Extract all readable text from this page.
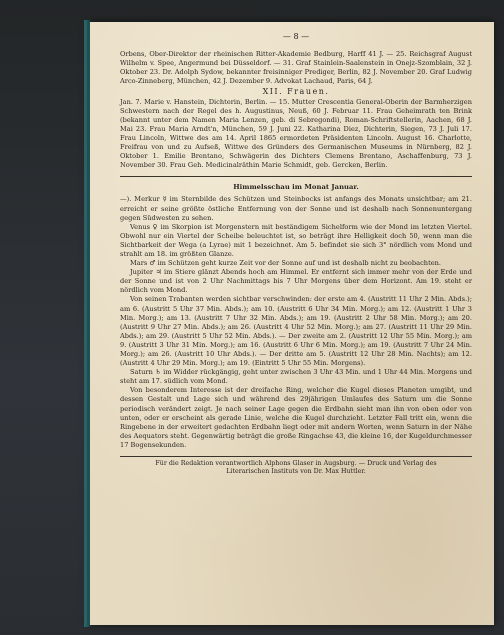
— 8 —

Orbens, Ober-Direktor der rheinischen Ritter-Akademie Bedburg, Harff 41 J. — 25. Reichsgraf August Wilhelm v. Spee, Angermund bei Düsseldorf. — 31. Graf Stainlein-Saalenstein in Onejz-Szomblain, 32 J. Oktober 23. Dr. Adolph Sydow, bekannter freisinniger Prediger, Berlin, 82 J. November 20. Graf Ludwig Arco-Zinneberg, München, 42 J. Dezember 9. Advokat Lachaud, Paris, 64 J.

XII. Frauen.

Jan. 7. Marie v. Hanstein, Dichterin, Berlin. — 15. Mutter Crescentia General-Oberin der Barmherzigen Schwestern nach der Regel des h. Augustinus, Neuß, 60 J. Februar 11. Frau Geheimrath ten Brink (bekannt unter dem Namen Maria Lenzen, geb. di Sebregondi), Roman-Schriftstellerin, Aachen, 68 J. Mai 23. Frau Maria Arndt'n, München, 59 J. Juni 22. Katharina Diez, Dichterin, Siegen, 73 J. Juli 17. Frau Lincoln, Wittwe des am 14. April 1865 ermordeten Präsidenten Lincoln. August 16. Charlotte, Freifrau von und zu Aufseß, Wittwe des Gründers des Germanischen Museums in Nürnberg, 82 J. Oktober 1. Emilie Brentano, Schwägerin des Dichters Clemens Brentano, Aschaffenburg, 73 J. November 30. Frau Geh. Medicinalräthin Marie Schmidt, geb. Gercken, Berlin.

Himmelsschau im Monat Januar.

—). Merkur ☿ im Sternbilde des Schützen und Steinbocks ist anfangs des Monats unsichtbar; am 21. erreicht er seine größte östliche Entfernung von der Sonne und ist deshalb nach Sonnenuntergang gegen Südwesten zu sehen.

Venus ♀ im Skorpion ist Morgenstern mit beständigem Sichelform wie der Mond im letzten Viertel. Obwohl nur ein Viertel der Scheibe beleuchtet ist, so beträgt ihre Helligkeit doch 50, wenn man die Sichtbarkeit der Wega (a Lyrae) mit 1 bezeichnet. Am 5. befindet sie sich 3° nördlich vom Mond und strahlt am 18. im größten Glanze.

Mars ♂ im Schützen geht kurze Zeit vor der Sonne auf und ist deshalb nicht zu beobachten.

Jupiter ♃ im Stiere glänzt Abends hoch am Himmel. Er entfernt sich immer mehr von der Erde und der Sonne und ist von 2 Uhr Nachmittags bis 7 Uhr Morgens über dem Horizont. Am 19. steht er nördlich vom Mond.

Von seinen Trabanten werden sichtbar verschwinden: der erste am 4. (Austritt 11 Uhr 2 Min. Abds.); am 6. (Austritt 5 Uhr 37 Min. Abds.); am 10. (Austritt 6 Uhr 34 Min. Morg.); am 12. (Austritt 1 Uhr 3 Min. Morg.); am 13. (Austritt 7 Uhr 32 Min. Abds.); am 19. (Austritt 2 Uhr 58 Min. Morg.); am 20. (Austritt 9 Uhr 27 Min. Abds.); am 26. (Austritt 4 Uhr 52 Min. Morg.); am 27. (Austritt 11 Uhr 29 Min. Abds.); am 29. (Austritt 5 Uhr 52 Min. Abds.). — Der zweite am 2. (Austritt 12 Uhr 55 Min. Morg.); am 9. (Austritt 3 Uhr 31 Min. Morg.); am 16. (Austritt 6 Uhr 6 Min. Morg.); am 19. (Austritt 7 Uhr 24 Min. Morg.); am 26. (Austritt 10 Uhr Abds.). — Der dritte am 5. (Austritt 12 Uhr 28 Min. Nachts); am 12. (Austritt 4 Uhr 29 Min. Morg.); am 19. (Eintritt 5 Uhr 55 Min. Morgens).

Saturn ♄ im Widder rückgängig, geht unter zwischen 3 Uhr 43 Min. und 1 Uhr 44 Min. Morgens und steht am 17. südlich vom Mond.

Von besonderem Interesse ist der dreifache Ring, welcher die Kugel dieses Planeten umgibt, und dessen Gestalt und Lage sich und während des 29jährigen Umlaufes des Saturn um die Sonne periodisch verändert zeigt. Je nach seiner Lage gegen die Erdbahn sieht man ihn von oben oder von unten, oder er erscheint als gerade Linie, welche die Kugel durchzieht. Letzter Fall tritt ein, wenn die Ringebene in der erweitert gedachten Erdbahn liegt oder mit andern Worten, wenn Saturn in der Nähe des Aequators steht. Gegenwärtig beträgt die große Ringachse 43, die kleine 16, der Kugeldurchmesser 17 Bogensekunden.

Für die Redaktion verantwortlich Alphons Glaser in Augsburg. — Druck und Verlag des
Literarischen Instituts von Dr. Max Huttler.
